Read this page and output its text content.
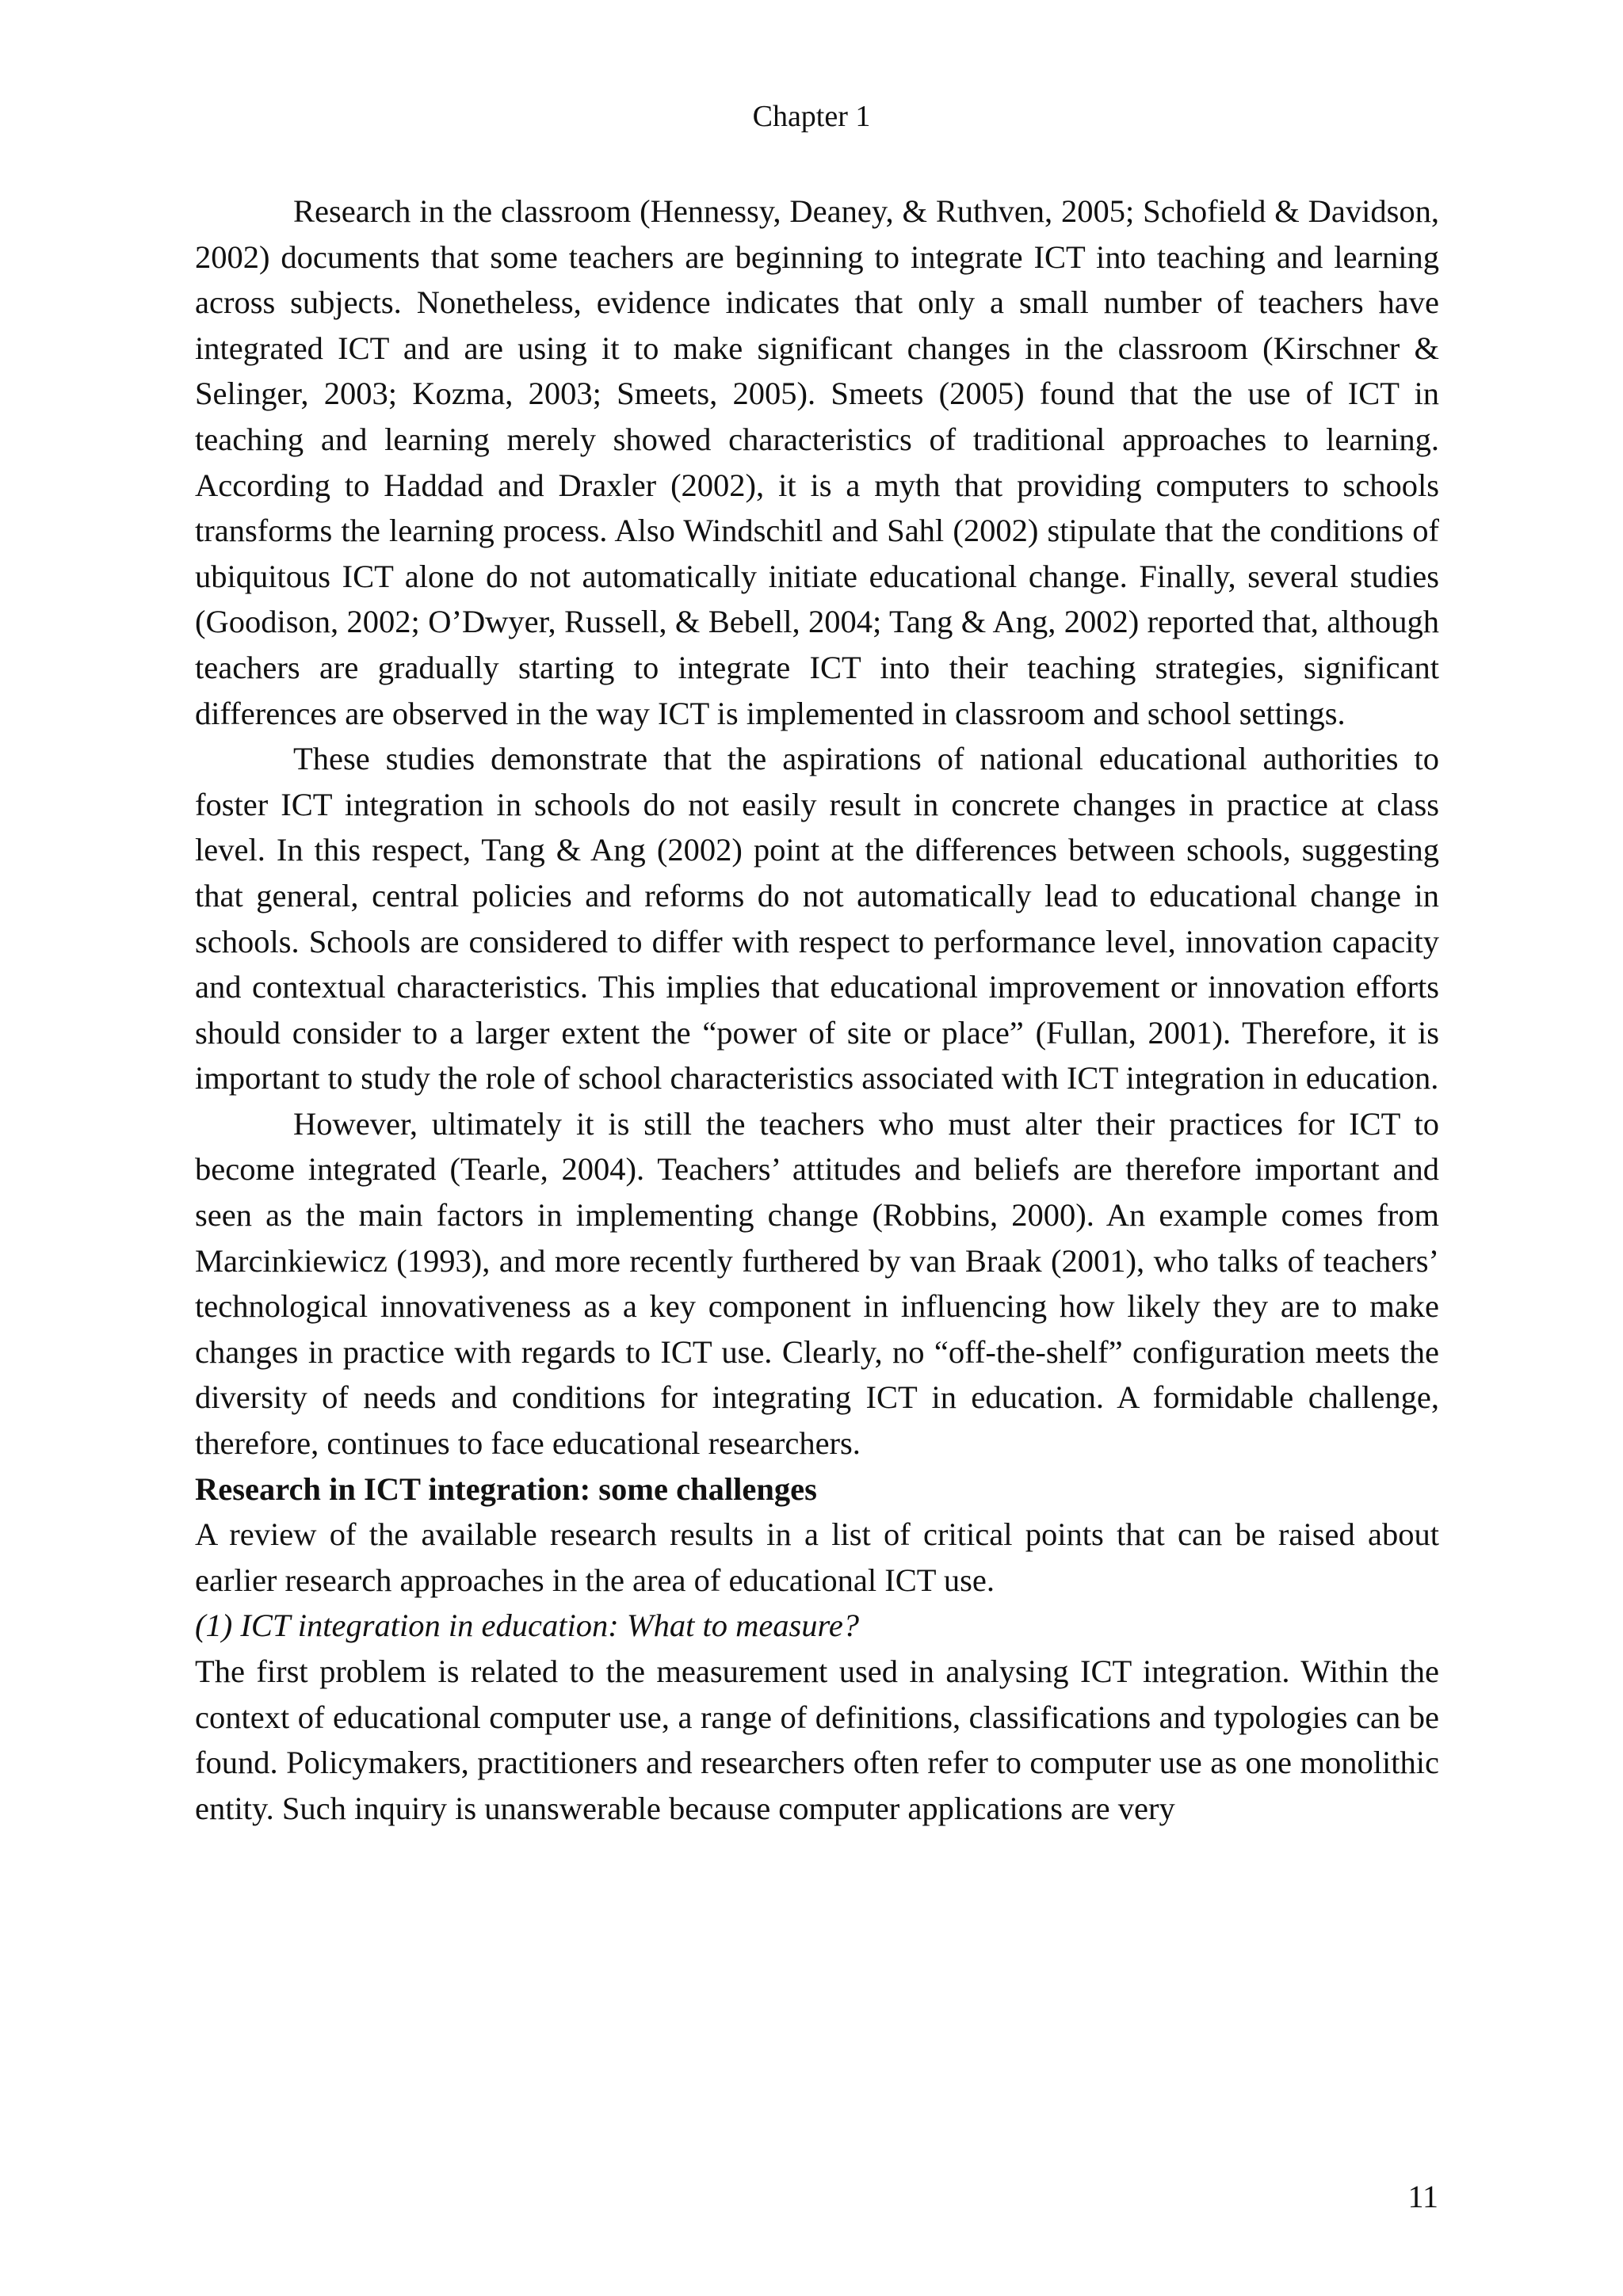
Chapter 1

Research in the classroom (Hennessy, Deaney, & Ruthven, 2005; Schofield & Davidson, 2002) documents that some teachers are beginning to integrate ICT into teaching and learning across subjects. Nonetheless, evidence indicates that only a small number of teachers have integrated ICT and are using it to make significant changes in the classroom (Kirschner & Selinger, 2003; Kozma, 2003; Smeets, 2005). Smeets (2005) found that the use of ICT in teaching and learning merely showed characteristics of traditional approaches to learning. According to Haddad and Draxler (2002), it is a myth that providing computers to schools transforms the learning process. Also Windschitl and Sahl (2002) stipulate that the conditions of ubiquitous ICT alone do not automatically initiate educational change. Finally, several studies (Goodison, 2002; O’Dwyer, Russell, & Bebell, 2004; Tang & Ang, 2002) reported that, although teachers are gradually starting to integrate ICT into their teaching strategies, significant differences are observed in the way ICT is implemented in classroom and school settings.

These studies demonstrate that the aspirations of national educational authorities to foster ICT integration in schools do not easily result in concrete changes in practice at class level. In this respect, Tang & Ang (2002) point at the differences between schools, suggesting that general, central policies and reforms do not automatically lead to educational change in schools. Schools are considered to differ with respect to performance level, innovation capacity and contextual characteristics. This implies that educational improvement or innovation efforts should consider to a larger extent the “power of site or place” (Fullan, 2001). Therefore, it is important to study the role of school characteristics associated with ICT integration in education.

However, ultimately it is still the teachers who must alter their practices for ICT to become integrated (Tearle, 2004). Teachers’ attitudes and beliefs are therefore important and seen as the main factors in implementing change (Robbins, 2000). An example comes from Marcinkiewicz (1993), and more recently furthered by van Braak (2001), who talks of teachers’ technological innovativeness as a key component in influencing how likely they are to make changes in practice with regards to ICT use. Clearly, no “off-the-shelf” configuration meets the diversity of needs and conditions for integrating ICT in education. A formidable challenge, therefore, continues to face educational researchers.

Research in ICT integration: some challenges

A review of the available research results in a list of critical points that can be raised about earlier research approaches in the area of educational ICT use.

(1) ICT integration in education: What to measure?

The first problem is related to the measurement used in analysing ICT integration. Within the context of educational computer use, a range of definitions, classifications and typologies can be found. Policymakers, practitioners and researchers often refer to computer use as one monolithic entity. Such inquiry is unanswerable because computer applications are very

11
